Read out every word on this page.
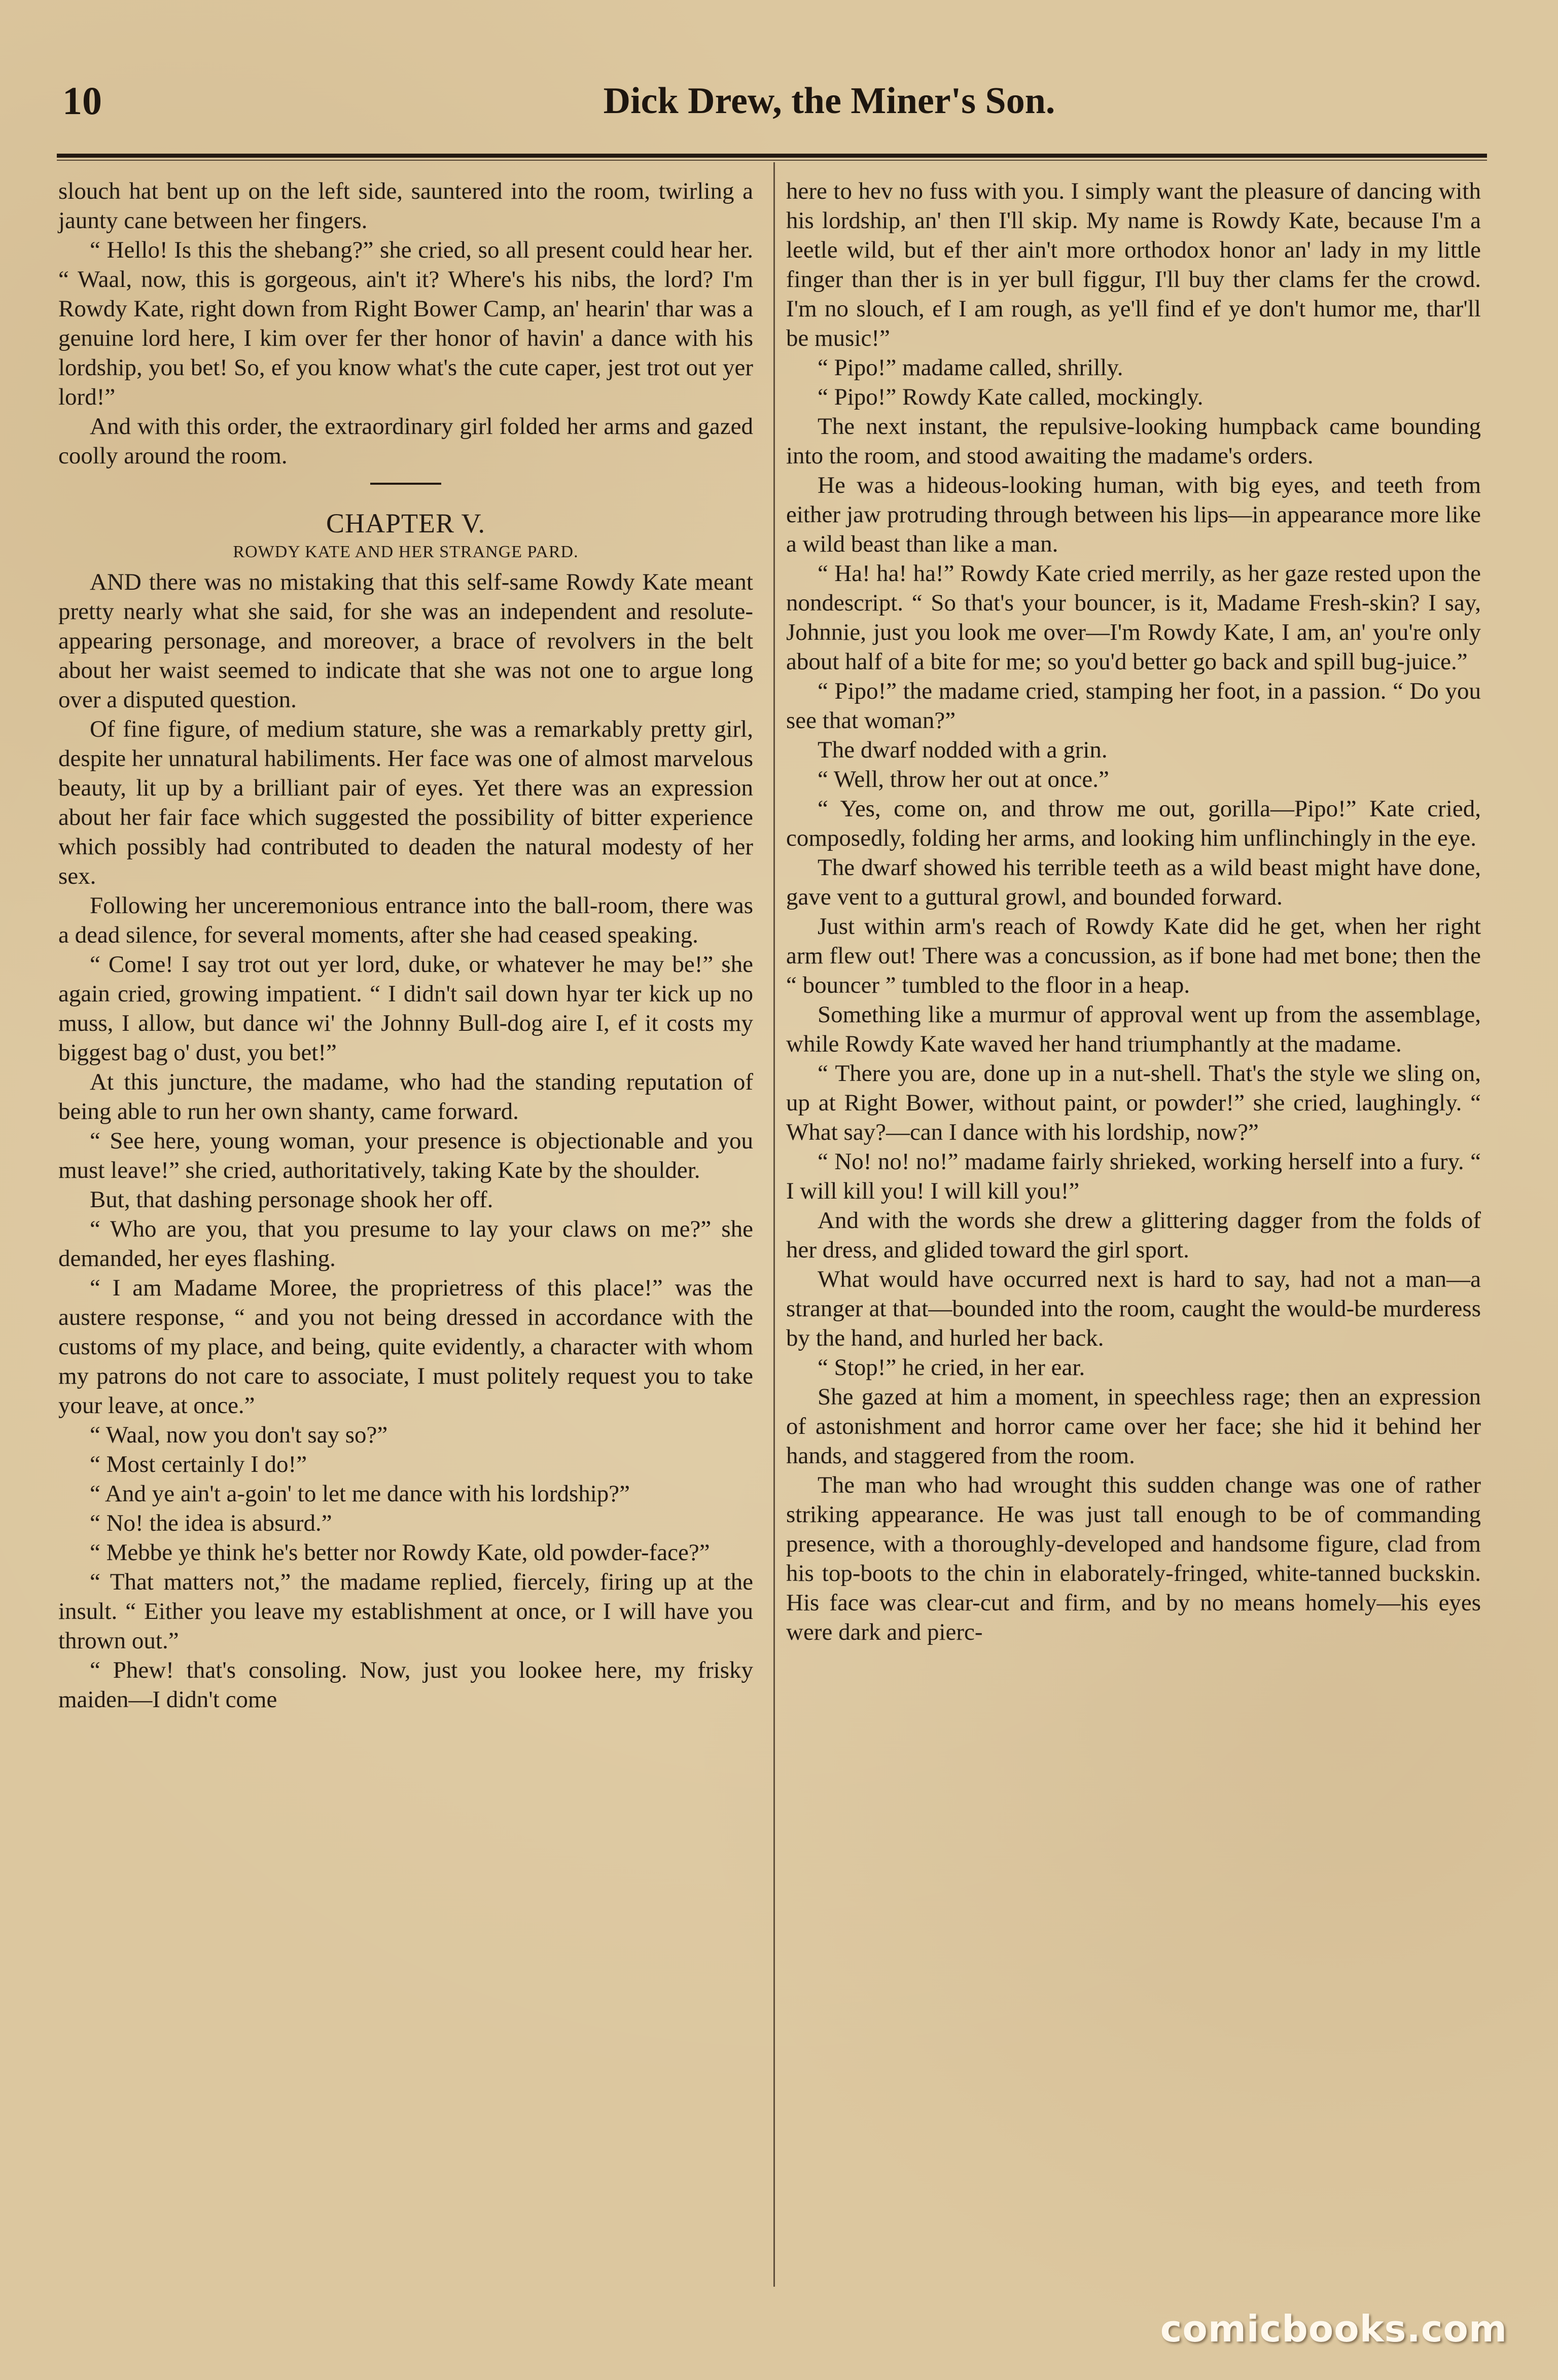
10	Dick Drew, the Miner's Son.

slouch hat bent up on the left side, sauntered into the room, twirling a jaunty cane between her fingers.

“ Hello! Is this the shebang?” she cried, so all present could hear her. “ Waal, now, this is gorgeous, ain't it? Where's his nibs, the lord? I'm Rowdy Kate, right down from Right Bower Camp, an' hearin' thar was a genuine lord here, I kim over fer ther honor of havin' a dance with his lordship, you bet! So, ef you know what's the cute caper, jest trot out yer lord!”

And with this order, the extraordinary girl folded her arms and gazed coolly around the room.

CHAPTER V.
ROWDY KATE AND HER STRANGE PARD.

AND there was no mistaking that this self-same Rowdy Kate meant pretty nearly what she said, for she was an independent and resolute-appearing personage, and moreover, a brace of revolvers in the belt about her waist seemed to indicate that she was not one to argue long over a disputed question.

Of fine figure, of medium stature, she was a remarkably pretty girl, despite her unnatural habiliments. Her face was one of almost marvelous beauty, lit up by a brilliant pair of eyes. Yet there was an expression about her fair face which suggested the possibility of bitter experience which possibly had contributed to deaden the natural modesty of her sex.

Following her unceremonious entrance into the ball-room, there was a dead silence, for several moments, after she had ceased speaking.

“ Come! I say trot out yer lord, duke, or whatever he may be!” she again cried, growing impatient. “ I didn't sail down hyar ter kick up no muss, I allow, but dance wi' the Johnny Bull-dog aire I, ef it costs my biggest bag o' dust, you bet!”

At this juncture, the madame, who had the standing reputation of being able to run her own shanty, came forward.

“ See here, young woman, your presence is objectionable and you must leave!” she cried, authoritatively, taking Kate by the shoulder.

But, that dashing personage shook her off.

“ Who are you, that you presume to lay your claws on me?” she demanded, her eyes flashing.

“ I am Madame Moree, the proprietress of this place!” was the austere response, “ and you not being dressed in accordance with the customs of my place, and being, quite evidently, a character with whom my patrons do not care to associate, I must politely request you to take your leave, at once.”

“ Waal, now you don't say so?”

“ Most certainly I do!”

“ And ye ain't a-goin' to let me dance with his lordship?”

“ No! the idea is absurd.”

“ Mebbe ye think he's better nor Rowdy Kate, old powder-face?”

“ That matters not,” the madame replied, fiercely, firing up at the insult. “ Either you leave my establishment at once, or I will have you thrown out.”

“ Phew! that's consoling. Now, just you lookee here, my frisky maiden—I didn't come

here to hev no fuss with you. I simply want the pleasure of dancing with his lordship, an' then I'll skip. My name is Rowdy Kate, because I'm a leetle wild, but ef ther ain't more orthodox honor an' lady in my little finger than ther is in yer bull figgur, I'll buy ther clams fer the crowd. I'm no slouch, ef I am rough, as ye'll find ef ye don't humor me, thar'll be music!”

“ Pipo!” madame called, shrilly.

“ Pipo!” Rowdy Kate called, mockingly.

The next instant, the repulsive-looking humpback came bounding into the room, and stood awaiting the madame's orders.

He was a hideous-looking human, with big eyes, and teeth from either jaw protruding through between his lips—in appearance more like a wild beast than like a man.

“ Ha! ha! ha!” Rowdy Kate cried merrily, as her gaze rested upon the nondescript. “ So that's your bouncer, is it, Madame Fresh-skin? I say, Johnnie, just you look me over—I'm Rowdy Kate, I am, an' you're only about half of a bite for me; so you'd better go back and spill bug-juice.”

“ Pipo!” the madame cried, stamping her foot, in a passion. “ Do you see that woman?”

The dwarf nodded with a grin.

“ Well, throw her out at once.”

“ Yes, come on, and throw me out, gorilla—Pipo!” Kate cried, composedly, folding her arms, and looking him unflinchingly in the eye.

The dwarf showed his terrible teeth as a wild beast might have done, gave vent to a guttural growl, and bounded forward.

Just within arm's reach of Rowdy Kate did he get, when her right arm flew out! There was a concussion, as if bone had met bone; then the “ bouncer ” tumbled to the floor in a heap.

Something like a murmur of approval went up from the assemblage, while Rowdy Kate waved her hand triumphantly at the madame.

“ There you are, done up in a nut-shell. That's the style we sling on, up at Right Bower, without paint, or powder!” she cried, laughingly. “ What say?—can I dance with his lordship, now?”

“ No! no! no!” madame fairly shrieked, working herself into a fury. “ I will kill you! I will kill you!”

And with the words she drew a glittering dagger from the folds of her dress, and glided toward the girl sport.

What would have occurred next is hard to say, had not a man—a stranger at that—bounded into the room, caught the would-be murderess by the hand, and hurled her back.

“ Stop!” he cried, in her ear.

She gazed at him a moment, in speechless rage; then an expression of astonishment and horror came over her face; she hid it behind her hands, and staggered from the room.

The man who had wrought this sudden change was one of rather striking appearance. He was just tall enough to be of commanding presence, with a thoroughly-developed and handsome figure, clad from his top-boots to the chin in elaborately-fringed, white-tanned buckskin. His face was clear-cut and firm, and by no means homely—his eyes were dark and pierc-

comicbooks.com
